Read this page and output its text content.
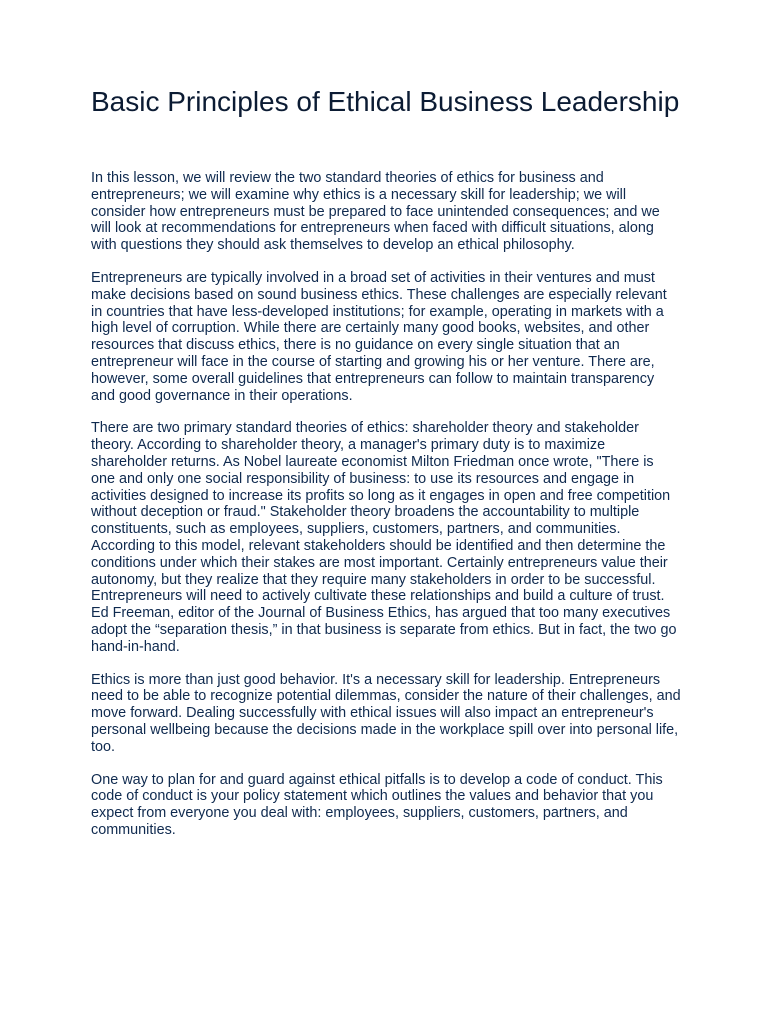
Basic Principles of Ethical Business Leadership

In this lesson, we will review the two standard theories of ethics for business and entrepreneurs; we will examine why ethics is a necessary skill for leadership; we will consider how entrepreneurs must be prepared to face unintended consequences; and we will look at recommendations for entrepreneurs when faced with difficult situations, along with questions they should ask themselves to develop an ethical philosophy.

Entrepreneurs are typically involved in a broad set of activities in their ventures and must make decisions based on sound business ethics. These challenges are especially relevant in countries that have less-developed institutions; for example, operating in markets with a high level of corruption. While there are certainly many good books, websites, and other resources that discuss ethics, there is no guidance on every single situation that an entrepreneur will face in the course of starting and growing his or her venture. There are, however, some overall guidelines that entrepreneurs can follow to maintain transparency and good governance in their operations.

There are two primary standard theories of ethics: shareholder theory and stakeholder theory. According to shareholder theory, a manager's primary duty is to maximize shareholder returns. As Nobel laureate economist Milton Friedman once wrote, "There is one and only one social responsibility of business: to use its resources and engage in activities designed to increase its profits so long as it engages in open and free competition without deception or fraud." Stakeholder theory broadens the accountability to multiple constituents, such as employees, suppliers, customers, partners, and communities. According to this model, relevant stakeholders should be identified and then determine the conditions under which their stakes are most important. Certainly entrepreneurs value their autonomy, but they realize that they require many stakeholders in order to be successful. Entrepreneurs will need to actively cultivate these relationships and build a culture of trust. Ed Freeman, editor of the Journal of Business Ethics, has argued that too many executives adopt the “separation thesis,” in that business is separate from ethics. But in fact, the two go hand-in-hand.

Ethics is more than just good behavior. It's a necessary skill for leadership. Entrepreneurs need to be able to recognize potential dilemmas, consider the nature of their challenges, and move forward. Dealing successfully with ethical issues will also impact an entrepreneur's personal wellbeing because the decisions made in the workplace spill over into personal life, too.

One way to plan for and guard against ethical pitfalls is to develop a code of conduct. This code of conduct is your policy statement which outlines the values and behavior that you expect from everyone you deal with: employees, suppliers, customers, partners, and communities.
